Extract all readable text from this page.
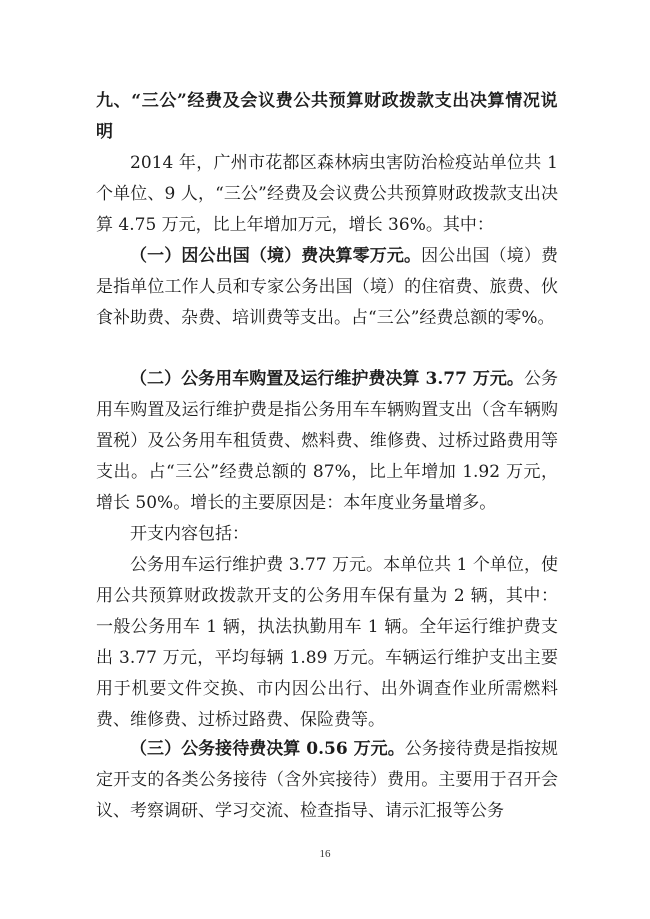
九、“三公”经费及会议费公共预算财政拨款支出决算情况说明

2014 年，广州市花都区森林病虫害防治检疫站单位共 1 个单位、9 人，“三公”经费及会议费公共预算财政拨款支出决算 4.75 万元，比上年增加万元，增长 36%。其中：

（一）因公出国（境）费决算零万元。因公出国（境）费是指单位工作人员和专家公务出国（境）的住宿费、旅费、伙食补助费、杂费、培训费等支出。占“三公”经费总额的零%。

（二）公务用车购置及运行维护费决算 3.77 万元。公务用车购置及运行维护费是指公务用车车辆购置支出（含车辆购置税）及公务用车租赁费、燃料费、维修费、过桥过路费用等支出。占“三公”经费总额的 87%，比上年增加 1.92 万元，增长 50%。增长的主要原因是：本年度业务量增多。

开支内容包括：

公务用车运行维护费 3.77 万元。本单位共 1 个单位，使用公共预算财政拨款开支的公务用车保有量为 2 辆，其中：一般公务用车 1 辆，执法执勤用车 1 辆。全年运行维护费支出 3.77 万元，平均每辆 1.89 万元。车辆运行维护支出主要用于机要文件交换、市内因公出行、出外调查作业所需燃料费、维修费、过桥过路费、保险费等。

（三）公务接待费决算 0.56 万元。公务接待费是指按规定开支的各类公务接待（含外宾接待）费用。主要用于召开会议、考察调研、学习交流、检查指导、请示汇报等公务

16
